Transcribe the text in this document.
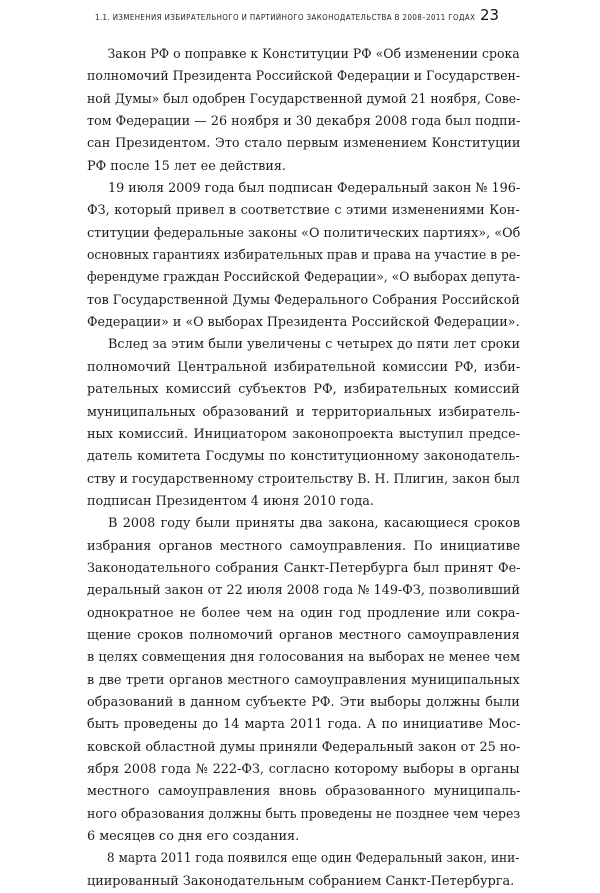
1.1. ИЗМЕНЕНИЯ ИЗБИРАТЕЛЬНОГО И ПАРТИЙНОГО ЗАКОНОДАТЕЛЬСТВА В 2008–2011 ГОДАХ 23
Закон РФ о поправке к Конституции РФ «Об изменении срока
полномочий Президента Российской Федерации и Государствен-
ной Думы» был одобрен Государственной думой 21 ноября, Сове-
том Федерации — 26 ноября и 30 декабря 2008 года был подпи-
сан Президентом. Это стало первым изменением Конституции
РФ после 15 лет ее действия.
19 июля 2009 года был подписан Федеральный закон № 196-
ФЗ, который привел в соответствие с этими изменениями Кон-
ституции федеральные законы «О политических партиях», «Об
основных гарантиях избирательных прав и права на участие в ре-
ферендуме граждан Российской Федерации», «О выборах депута-
тов Государственной Думы Федерального Собрания Российской
Федерации» и «О выборах Президента Российской Федерации».
Вслед за этим были увеличены с четырех до пяти лет сроки
полномочий Центральной избирательной комиссии РФ, изби-
рательных комиссий субъектов РФ, избирательных комиссий
муниципальных образований и территориальных избиратель-
ных комиссий. Инициатором законопроекта выступил предсе-
датель комитета Госдумы по конституционному законодатель-
ству и государственному строительству В. Н. Плигин, закон был
подписан Президентом 4 июня 2010 года.
В 2008 году были приняты два закона, касающиеся сроков
избрания органов местного самоуправления. По инициативе
Законодательного собрания Санкт-Петербурга был принят Фе-
деральный закон от 22 июля 2008 года № 149-ФЗ, позволивший
однократное не более чем на один год продление или сокра-
щение сроков полномочий органов местного самоуправления
в целях совмещения дня голосования на выборах не менее чем
в две трети органов местного самоуправления муниципальных
образований в данном субъекте РФ. Эти выборы должны были
быть проведены до 14 марта 2011 года. А по инициативе Мос-
ковской областной думы приняли Федеральный закон от 25 но-
ября 2008 года № 222-ФЗ, согласно которому выборы в органы
местного самоуправления вновь образованного муниципаль-
ного образования должны быть проведены не позднее чем через
6 месяцев со дня его создания.
8 марта 2011 года появился еще один Федеральный закон, ини-
циированный Законодательным собранием Санкт-Петербурга.
